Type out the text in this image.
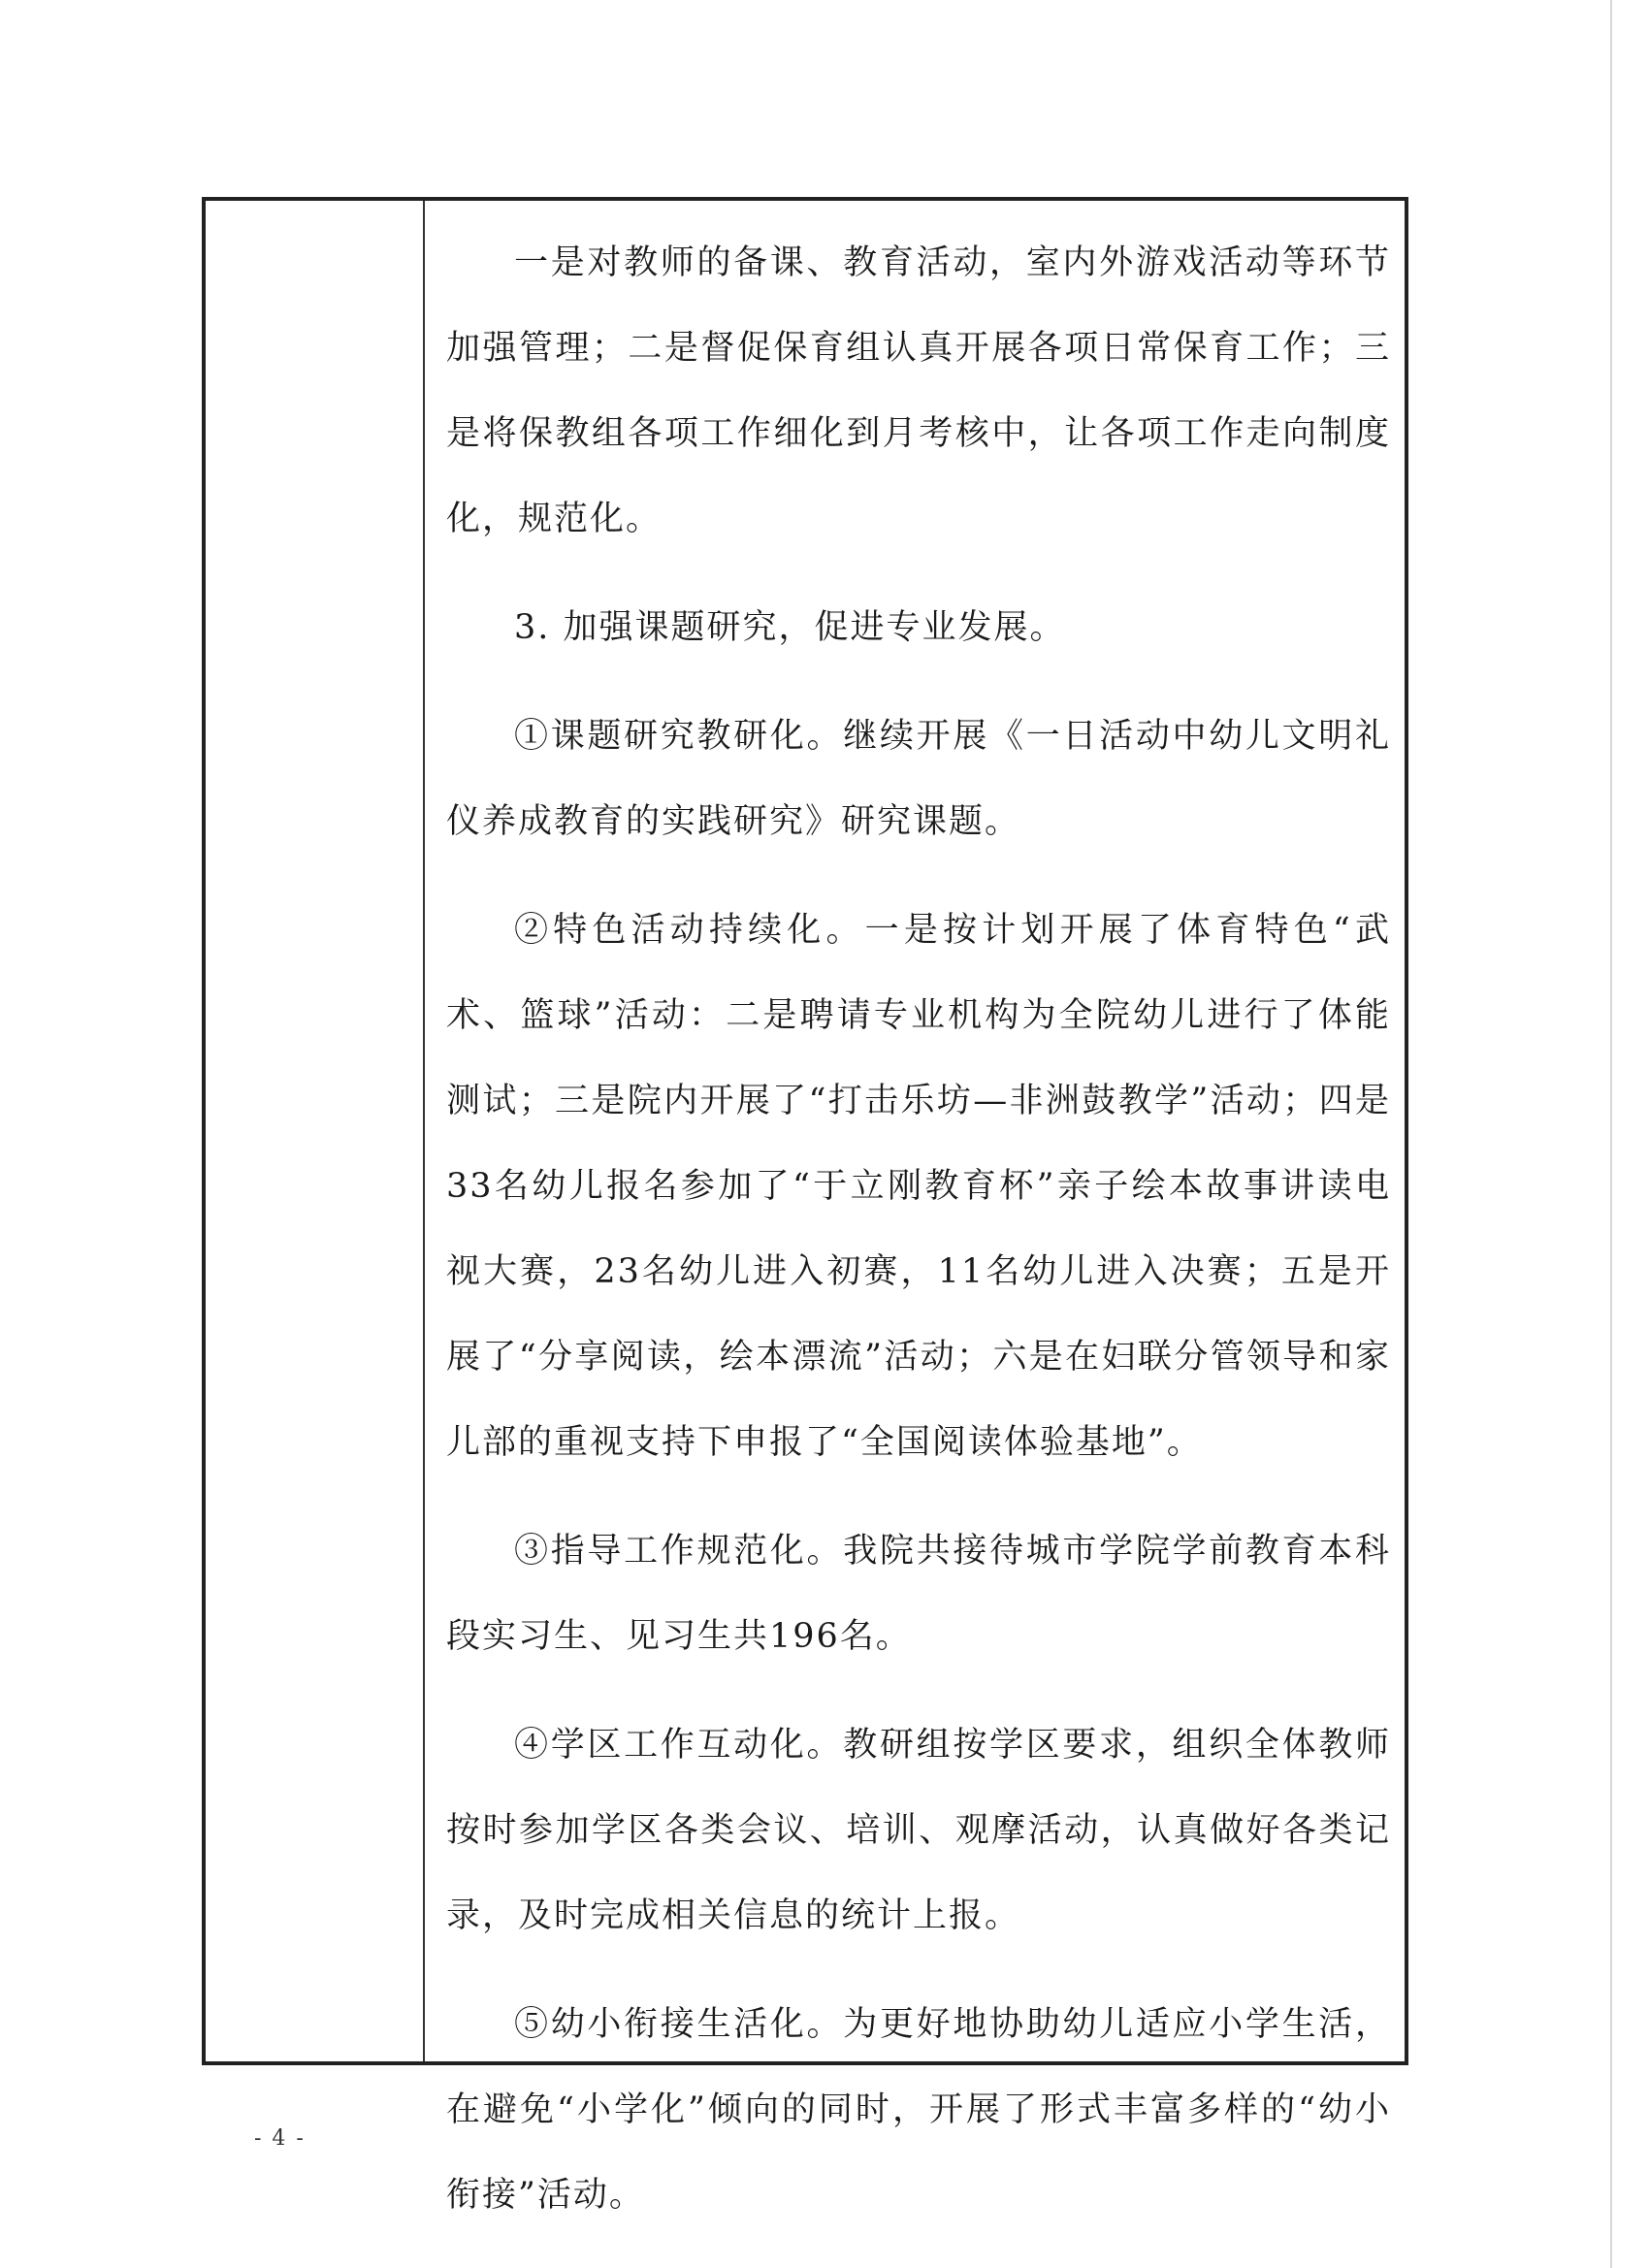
一是对教师的备课、教育活动，室内外游戏活动等环节加强管理；二是督促保育组认真开展各项日常保育工作；三是将保教组各项工作细化到月考核中，让各项工作走向制度化，规范化。

3. 加强课题研究，促进专业发展。

①课题研究教研化。继续开展《一日活动中幼儿文明礼仪养成教育的实践研究》研究课题。

②特色活动持续化。一是按计划开展了体育特色“武术、篮球”活动：二是聘请专业机构为全院幼儿进行了体能测试；三是院内开展了“打击乐坊—非洲鼓教学”活动；四是33名幼儿报名参加了“于立刚教育杯”亲子绘本故事讲读电视大赛，23名幼儿进入初赛，11名幼儿进入决赛；五是开展了“分享阅读，绘本漂流”活动；六是在妇联分管领导和家儿部的重视支持下申报了“全国阅读体验基地”。

③指导工作规范化。我院共接待城市学院学前教育本科段实习生、见习生共196名。

④学区工作互动化。教研组按学区要求，组织全体教师按时参加学区各类会议、培训、观摩活动，认真做好各类记录，及时完成相关信息的统计上报。

⑤幼小衔接生活化。为更好地协助幼儿适应小学生活，在避免“小学化”倾向的同时，开展了形式丰富多样的“幼小衔接”活动。

- 4 -
